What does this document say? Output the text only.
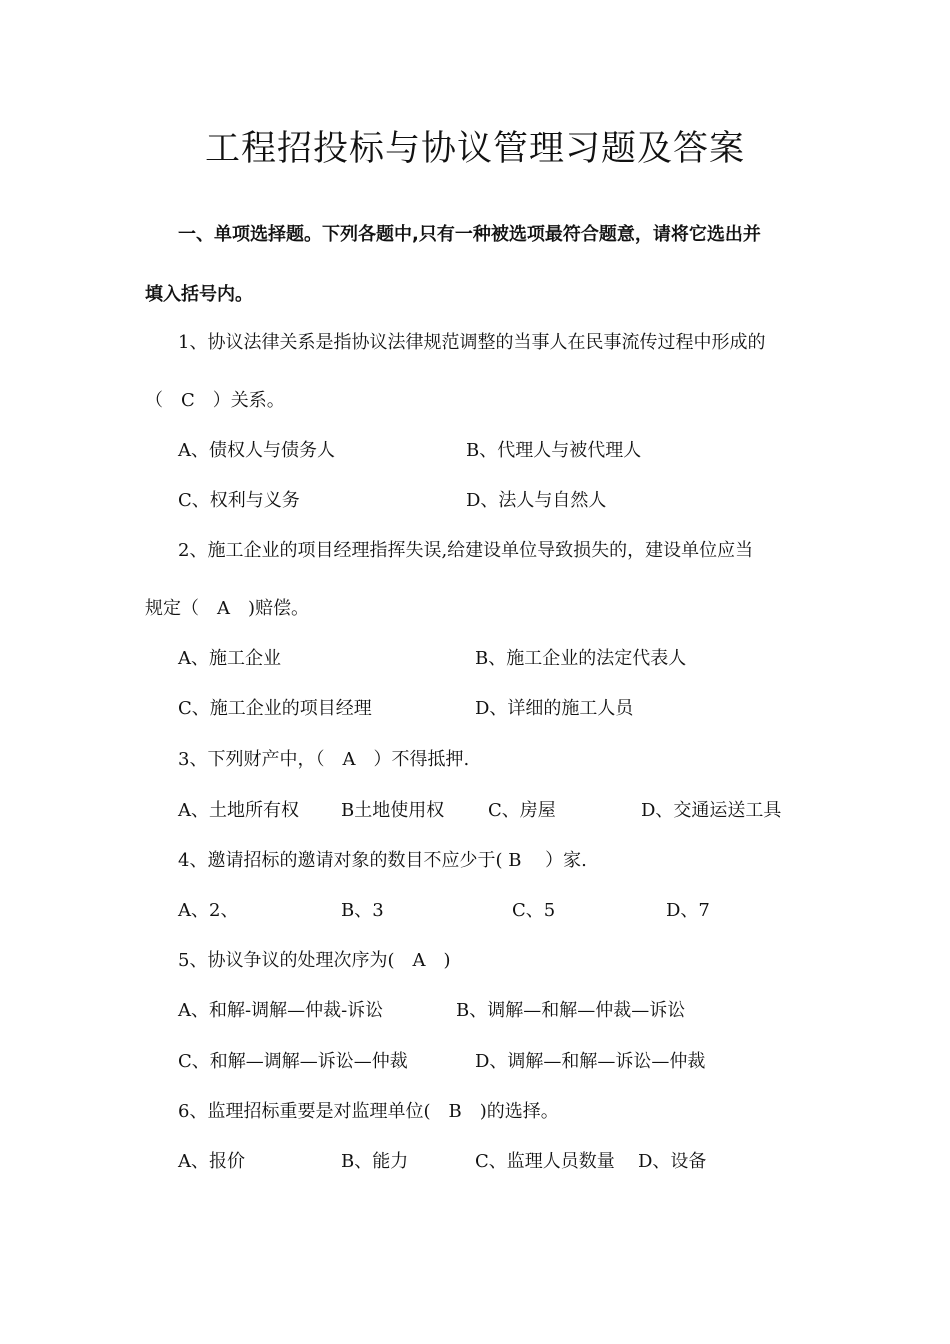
工程招投标与协议管理习题及答案
一、单项选择题。下列各题中,只有一种被选项最符合题意，请将它选出并
填入括号内。
1、协议法律关系是指协议法律规范调整的当事人在民事流传过程中形成的
（　C　）关系。
A、债权人与债务人	B、代理人与被代理人
C、权利与义务	D、法人与自然人
2、施工企业的项目经理指挥失误,给建设单位导致损失的，建设单位应当
规定（　A　)赔偿。
A、施工企业	B、施工企业的法定代表人
C、施工企业的项目经理	D、详细的施工人员
3、下列财产中，（　A　）不得抵押.
A、土地所有权 B土地使用权 C、房屋	D、交通运送工具
4、邀请招标的邀请对象的数目不应少于( B　 ）家.
A、2、	B、3	C、5	D、7
5、协议争议的处理次序为(　A　)
A、和解-调解—仲裁-诉讼	B、调解—和解—仲裁—诉讼
C、和解—调解—诉讼—仲裁	D、调解—和解—诉讼—仲裁
6、监理招标重要是对监理单位(　B　)的选择。
A、报价	B、能力	C、监理人员数量 D、设备
